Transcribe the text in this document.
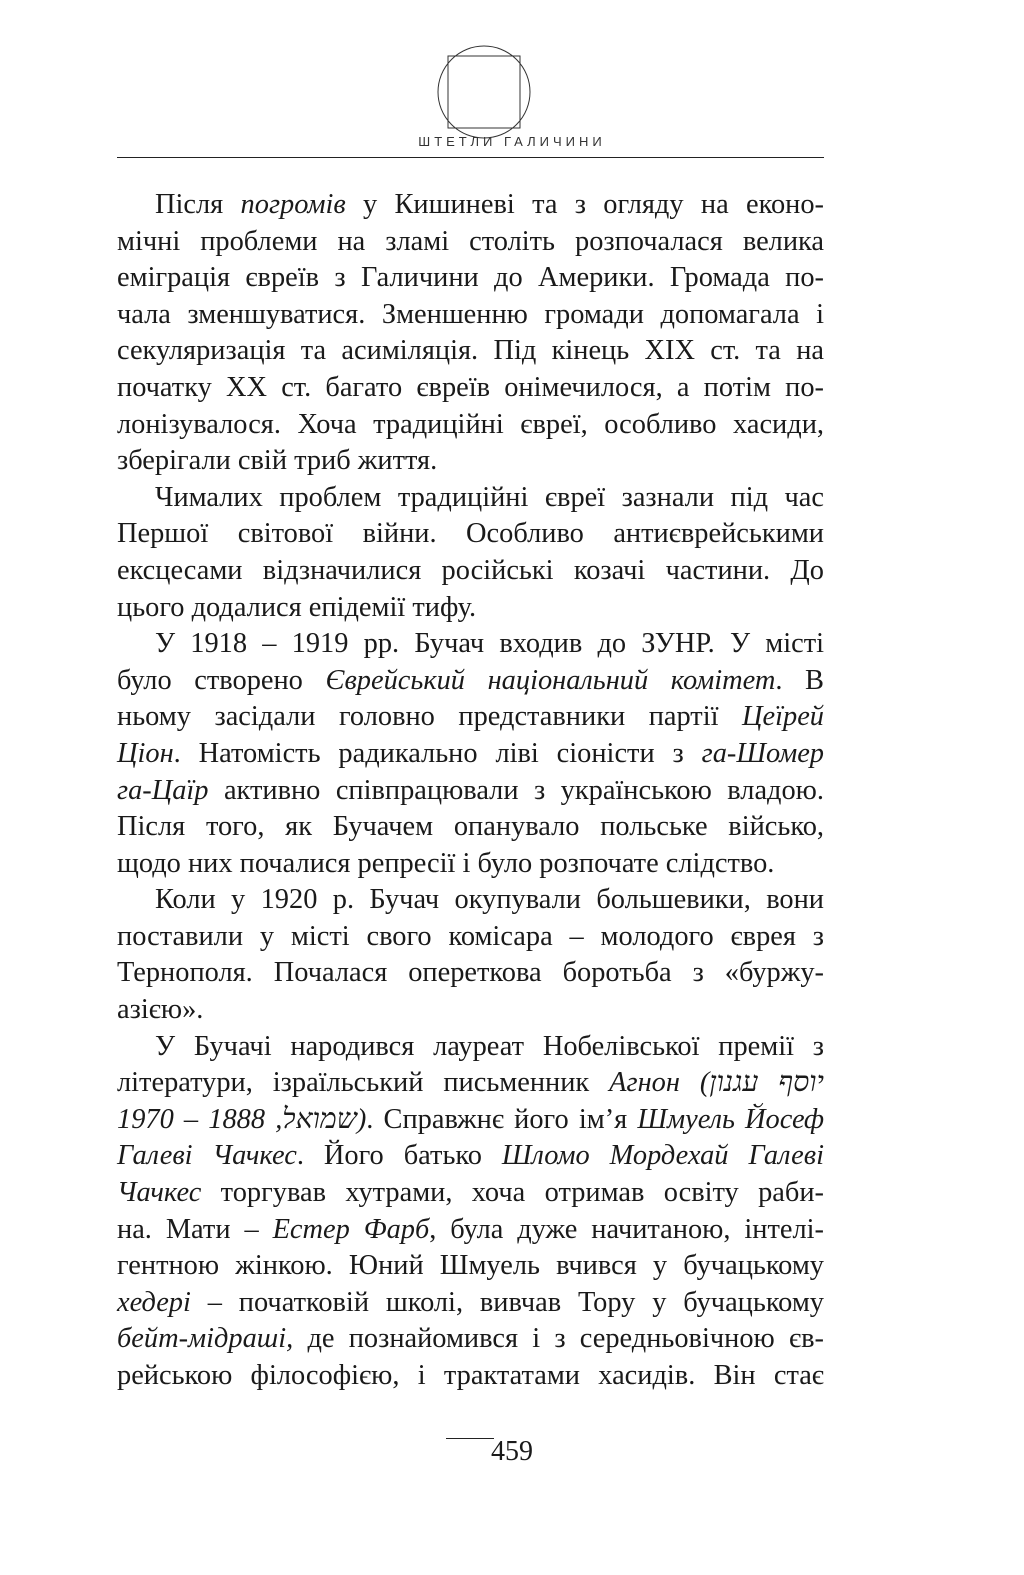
ШТЕТЛИ ГАЛИЧИНИ
Після погромів у Кишиневі та з огляду на еконо-
мічні проблеми на зламі століть розпочалася велика
еміграція євреїв з Галичини до Америки. Громада по-
чала зменшуватися. Зменшенню громади допомагала і
секуляризація та асиміляція. Під кінець XIX ст. та на
початку XX ст. багато євреїв онімечилося, а потім по-
лонізувалося. Хоча традиційні євреї, особливо хасиди,
зберігали свій триб життя.
Чималих проблем традиційні євреї зазнали під час
Першої світової війни. Особливо антиєврейськими
ексцесами відзначилися російські козачі частини. До
цього додалися епідемії тифу.
У 1918 – 1919 рр. Бучач входив до ЗУНР. У місті
було створено Єврейський національний комітет. В
ньому засідали головно представники партії Цеїрей
Ціон. Натомість радикально ліві сіоністи з га-Шомер
га-Цаїр активно співпрацювали з українською владою.
Після того, як Бучачем опанувало польське військо,
щодо них почалися репресії і було розпочате слідство.
Коли у 1920 р. Бучач окупували большевики, вони
поставили у місті свого комісара – молодого єврея з
Тернополя. Почалася опереткова боротьба з «буржу-
азією».
У Бучачі народився лауреат Нобелівської премії з
літератури, ізраїльський письменник Агнон (יוסף עגנון
שמואל, 1888 – 1970). Справжнє його ім’я Шмуель Йосеф
Галеві Чачкес. Його батько Шломо Мордехай Галеві
Чачкес торгував хутрами, хоча отримав освіту раби-
на. Мати – Естер Фарб, була дуже начитаною, інтелі-
гентною жінкою. Юний Шмуель вчився у бучацькому
хедері – початковій школі, вивчав Тору у бучацькому
бейт-мідраші, де познайомився і з середньовічною єв-
рейською філософією, і трактатами хасидів. Він стає
459
